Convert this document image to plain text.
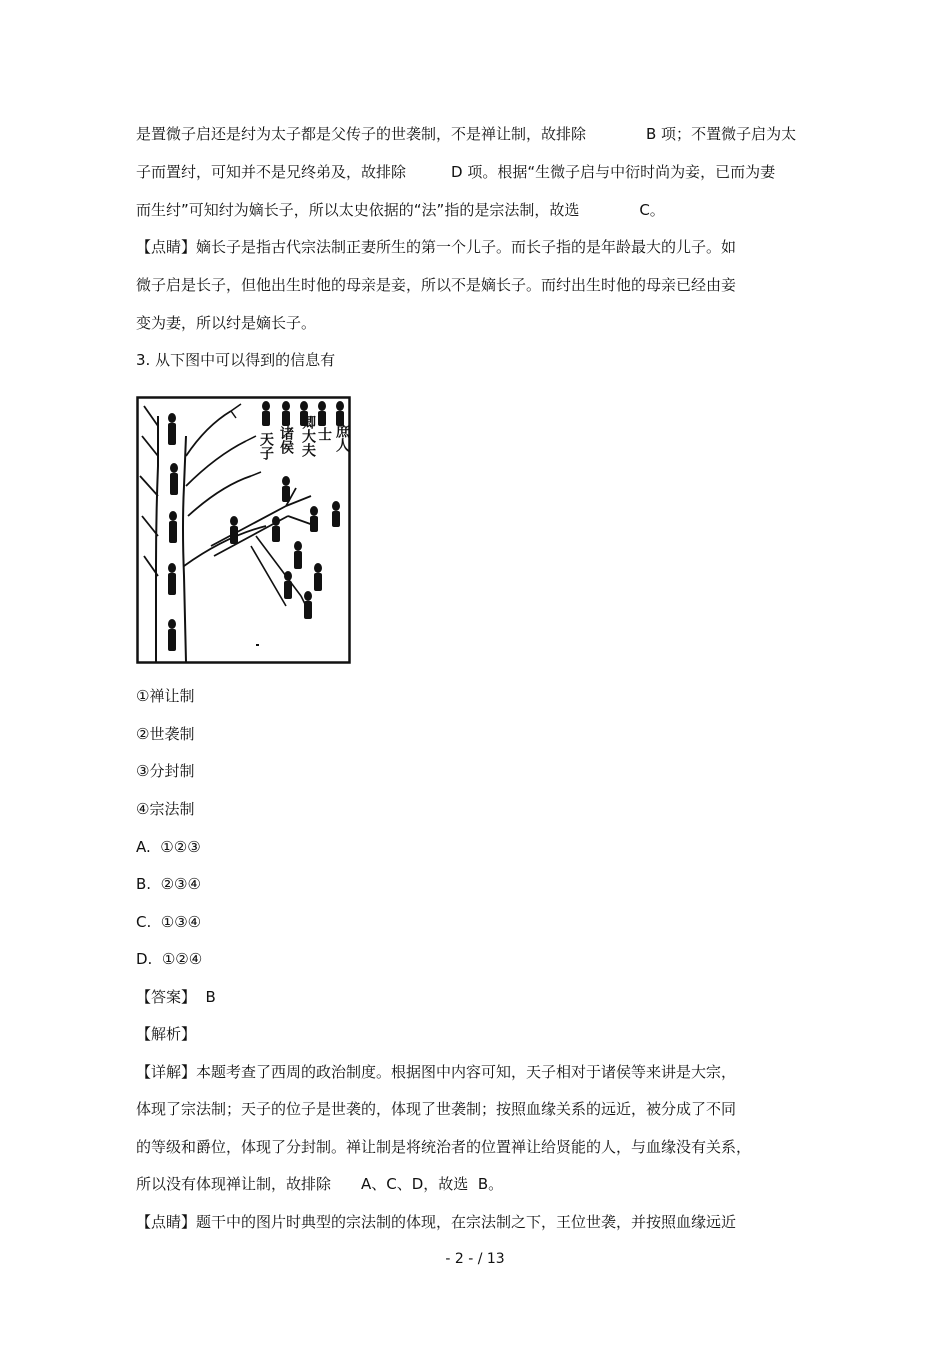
是置微子启还是纣为太子都是父传子的世袭制，不是禅让制，故排除　　　　B 项；不置微子启为太
子而置纣，可知并不是兄终弟及，故排除　　　D 项。根据“生微子启与中衍时尚为妾，已而为妻
而生纣”可知纣为嫡长子，所以太史依据的“法”指的是宗法制，故选　　　　C。
【点睛】嫡长子是指古代宗法制正妻所生的第一个儿子。而长子指的是年龄最大的儿子。如
微子启是长子，但他出生时他的母亲是妾，所以不是嫡长子。而纣出生时他的母亲已经由妾
变为妻，所以纣是嫡长子。
3. 从下图中可以得到的信息有
天子 诸侯 卿大夫 士 庶人
①禅让制
②世袭制
③分封制
④宗法制
A.  ①②③
B.  ②③④
C.  ①③④
D.  ①②④
【答案】  B
【解析】
【详解】本题考查了西周的政治制度。根据图中内容可知，天子相对于诸侯等来讲是大宗，
体现了宗法制；天子的位子是世袭的，体现了世袭制；按照血缘关系的远近，被分成了不同
的等级和爵位，体现了分封制。禅让制是将统治者的位置禅让给贤能的人，与血缘没有关系，
所以没有体现禅让制，故排除　　A、C、D，故选  B。
【点睛】题干中的图片时典型的宗法制的体现，在宗法制之下，王位世袭，并按照血缘远近
- 2 - / 13
